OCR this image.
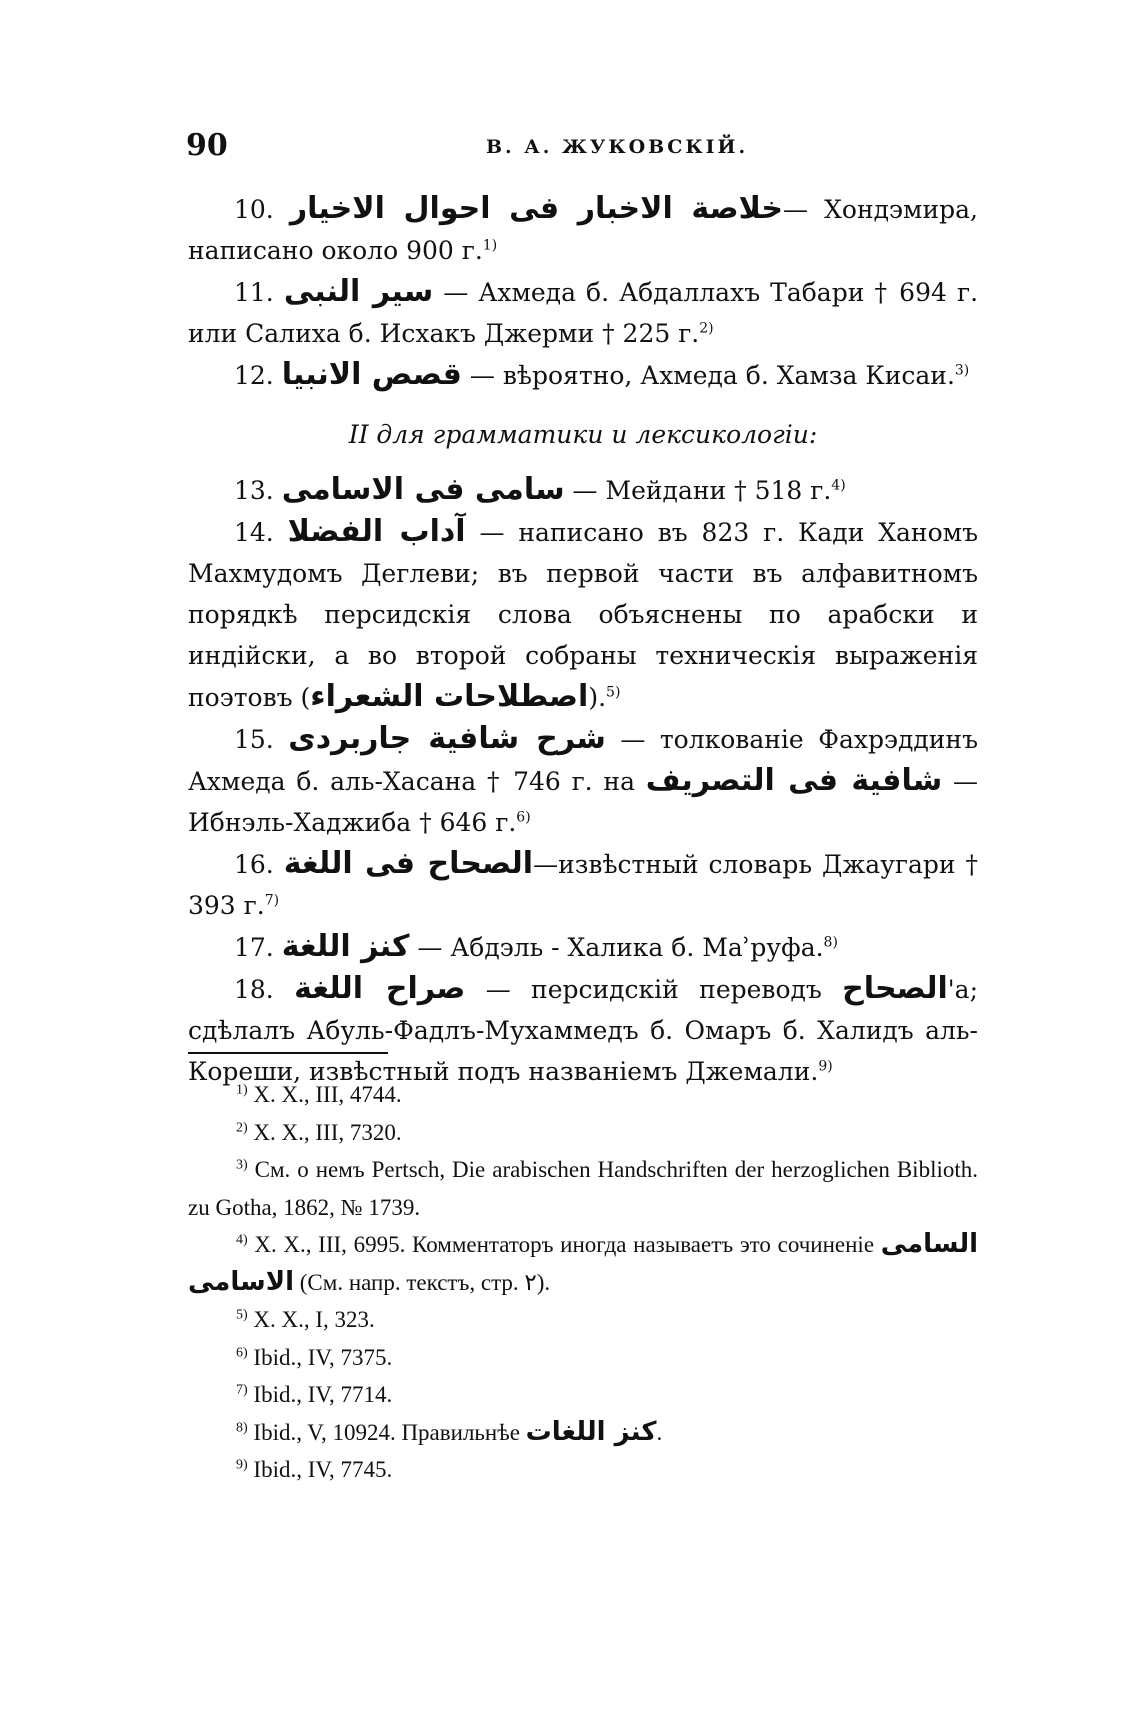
90	В. А. ЖУКОВСКІЙ.

10. خلاصة الاخبار فى احوال الاخيار— Хондэмира, написано около 900 г.$^{1)}$

11. سير النبى — Ахмеда б. Абдаллахъ Табари † 694 г. или Салиха б. Исхакъ Джерми † 225 г.$^{2)}$

12. قصص الانبيا — вѣроятно, Ахмеда б. Хамза Кисаи.$^{3)}$

II для грамматики и лексикологіи:

13. سامى فى الاسامى — Мейдани † 518 г.$^{4)}$

14. آداب الفضلا — написано въ 823 г. Кади Ханомъ Махмудомъ Деглеви; въ первой части въ алфавитномъ порядкѣ персидскія слова объяснены по арабски и индійски, а во второй собраны техническія выраженія поэтовъ (اصطلاحات الشعراء).$^{5)}$

15. شرح شافية جاربردى — толкованіе Фахрэддинъ Ахмеда б. аль-Хасана † 746 г. на شافية فى التصريف — Ибнэль-Хаджиба † 646 г.$^{6)}$

16. الصحاح فى اللغة—извѣстный словарь Джаугари † 393 г.$^{7)}$

17. كنز اللغة — Абдэль - Халика б. Маʾруфа.$^{8)}$

18. صراح اللغة — персидскій переводъ الصحاح'а; сдѣлалъ Абуль-Фадлъ-Мухаммедъ б. Омаръ б. Халидъ аль-Кореши, извѣстный подъ названіемъ Джемали.$^{9)}$

$^{1)}$ Х. Х., III, 4744.

$^{2)}$ Х. Х., III, 7320.

$^{3)}$ См. о немъ Pertsch, Die arabischen Handschriften der herzoglichen Biblioth. zu Gotha, 1862, № 1739.

$^{4)}$ Х. Х., III, 6995. Комментаторъ иногда называетъ это сочиненіе السامى الاسامى (См. напр. текстъ, стр. ٢).

$^{5)}$ Х. Х., I, 323.

$^{6)}$ Ibid., IV, 7375.

$^{7)}$ Ibid., IV, 7714.

$^{8)}$ Ibid., V, 10924. Правильнѣе كنز اللغات.

$^{9)}$ Ibid., IV, 7745.
